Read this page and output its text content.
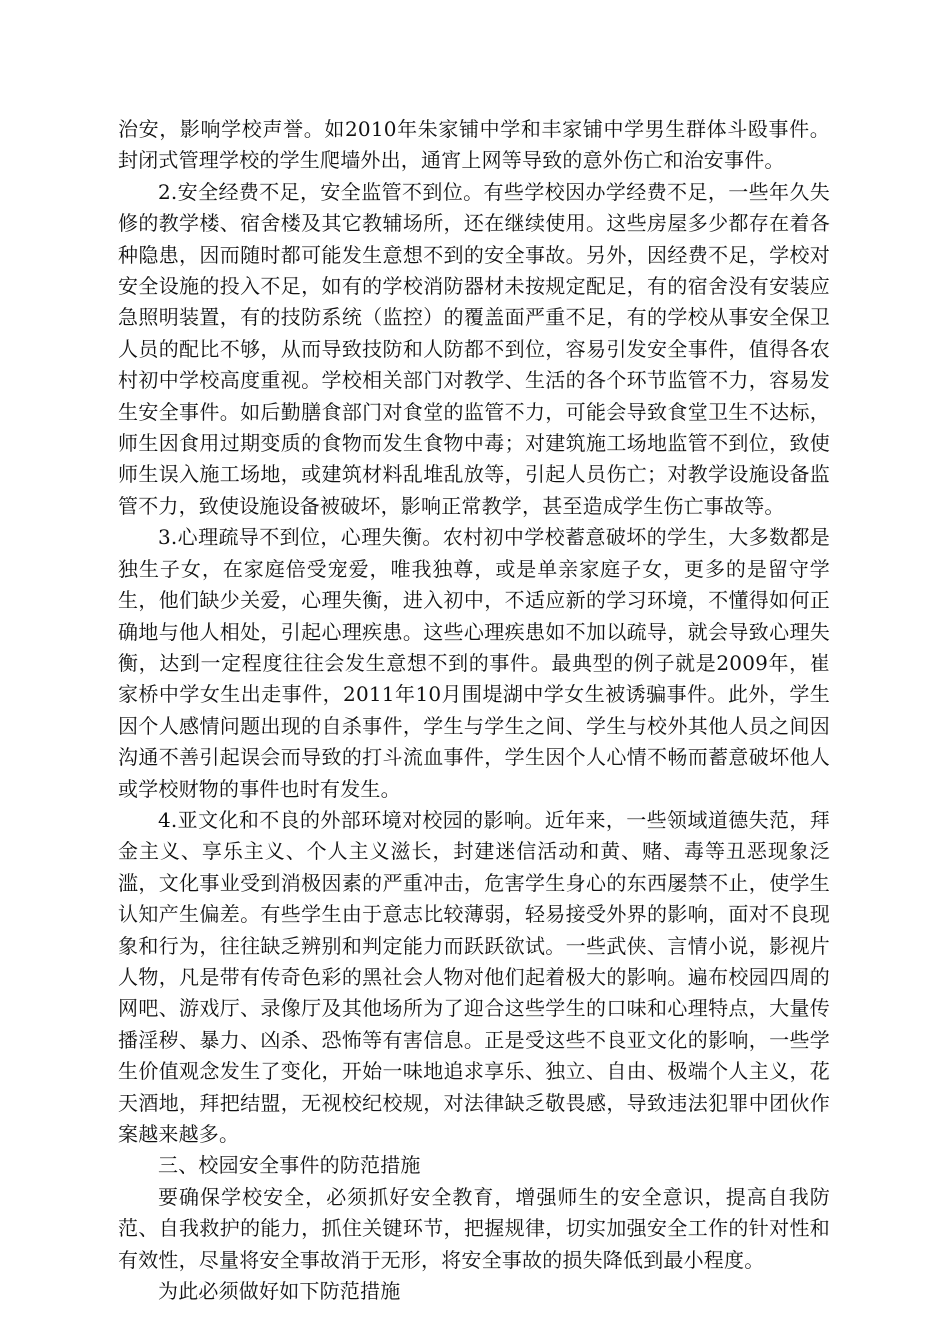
治安，影响学校声誉。如2010年朱家铺中学和丰家铺中学男生群体斗殴事件。封闭式管理学校的学生爬墙外出，通宵上网等导致的意外伤亡和治安事件。

2.安全经费不足，安全监管不到位。有些学校因办学经费不足，一些年久失修的教学楼、宿舍楼及其它教辅场所，还在继续使用。这些房屋多少都存在着各种隐患，因而随时都可能发生意想不到的安全事故。另外，因经费不足，学校对安全设施的投入不足，如有的学校消防器材未按规定配足，有的宿舍没有安装应急照明装置，有的技防系统（监控）的覆盖面严重不足，有的学校从事安全保卫人员的配比不够，从而导致技防和人防都不到位，容易引发安全事件，值得各农村初中学校高度重视。学校相关部门对教学、生活的各个环节监管不力，容易发生安全事件。如后勤膳食部门对食堂的监管不力，可能会导致食堂卫生不达标，师生因食用过期变质的食物而发生食物中毒；对建筑施工场地监管不到位，致使师生误入施工场地，或建筑材料乱堆乱放等，引起人员伤亡；对教学设施设备监管不力，致使设施设备被破坏，影响正常教学，甚至造成学生伤亡事故等。

3.心理疏导不到位，心理失衡。农村初中学校蓄意破坏的学生，大多数都是独生子女，在家庭倍受宠爱，唯我独尊，或是单亲家庭子女，更多的是留守学生，他们缺少关爱，心理失衡，进入初中，不适应新的学习环境，不懂得如何正确地与他人相处，引起心理疾患。这些心理疾患如不加以疏导，就会导致心理失衡，达到一定程度往往会发生意想不到的事件。最典型的例子就是2009年，崔家桥中学女生出走事件，2011年10月围堤湖中学女生被诱骗事件。此外，学生因个人感情问题出现的自杀事件，学生与学生之间、学生与校外其他人员之间因沟通不善引起误会而导致的打斗流血事件，学生因个人心情不畅而蓄意破坏他人或学校财物的事件也时有发生。

4.亚文化和不良的外部环境对校园的影响。近年来，一些领域道德失范，拜金主义、享乐主义、个人主义滋长，封建迷信活动和黄、赌、毒等丑恶现象泛滥，文化事业受到消极因素的严重冲击，危害学生身心的东西屡禁不止，使学生认知产生偏差。有些学生由于意志比较薄弱，轻易接受外界的影响，面对不良现象和行为，往往缺乏辨别和判定能力而跃跃欲试。一些武侠、言情小说，影视片人物，凡是带有传奇色彩的黑社会人物对他们起着极大的影响。遍布校园四周的网吧、游戏厅、录像厅及其他场所为了迎合这些学生的口味和心理特点，大量传播淫秽、暴力、凶杀、恐怖等有害信息。正是受这些不良亚文化的影响，一些学生价值观念发生了变化，开始一味地追求享乐、独立、自由、极端个人主义，花天酒地，拜把结盟，无视校纪校规，对法律缺乏敬畏感，导致违法犯罪中团伙作案越来越多。

三、校园安全事件的防范措施

要确保学校安全，必须抓好安全教育，增强师生的安全意识，提高自我防范、自我救护的能力，抓住关键环节，把握规律，切实加强安全工作的针对性和有效性，尽量将安全事故消于无形，将安全事故的损失降低到最小程度。

为此必须做好如下防范措施
